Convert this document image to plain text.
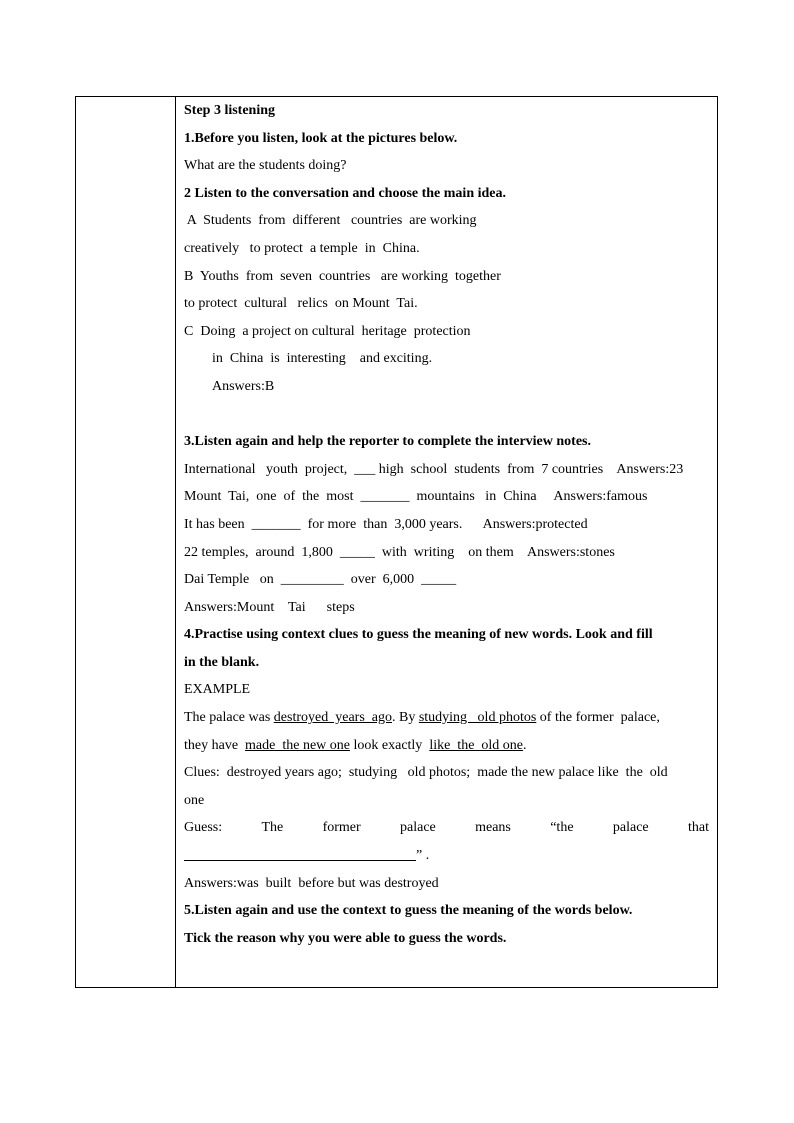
Step 3 listening
1.Before you listen, look at the pictures below.
What are the students doing?
2 Listen to the conversation and choose the main idea.
A  Students  from  different   countries  are working
creatively   to protect  a temple  in  China.
B  Youths  from  seven  countries   are working  together
to protect  cultural   relics  on Mount  Tai.
C  Doing  a project on cultural  heritage  protection
in  China  is  interesting    and exciting.
Answers:B
3.Listen again and help the reporter to complete the interview notes.
International   youth  project,  ___ high  school  students  from  7 countries    Answers:23
Mount  Tai,  one  of  the  most  _______  mountains   in  China     Answers:famous
It has been  _______  for more  than  3,000 years.      Answers:protected
22 temples,  around  1,800  _____  with  writing    on them    Answers:stones
Dai Temple   on  _________  over  6,000  _____
Answers:Mount    Tai      steps
4.Practise using context clues to guess the meaning of new words. Look and fill
in the blank.
EXAMPLE
The palace was destroyed  years  ago. By studying   old photos of the former  palace,
they have  made  the new one look exactly  like  the  old one.
Clues:  destroyed years ago;  studying   old photos;  made the new palace like  the  old
one
Guess:	The	former	palace	means	“the	palace	that
” .
Answers:was  built  before but was destroyed
5.Listen again and use the context to guess the meaning of the words below.
Tick the reason why you were able to guess the words.
